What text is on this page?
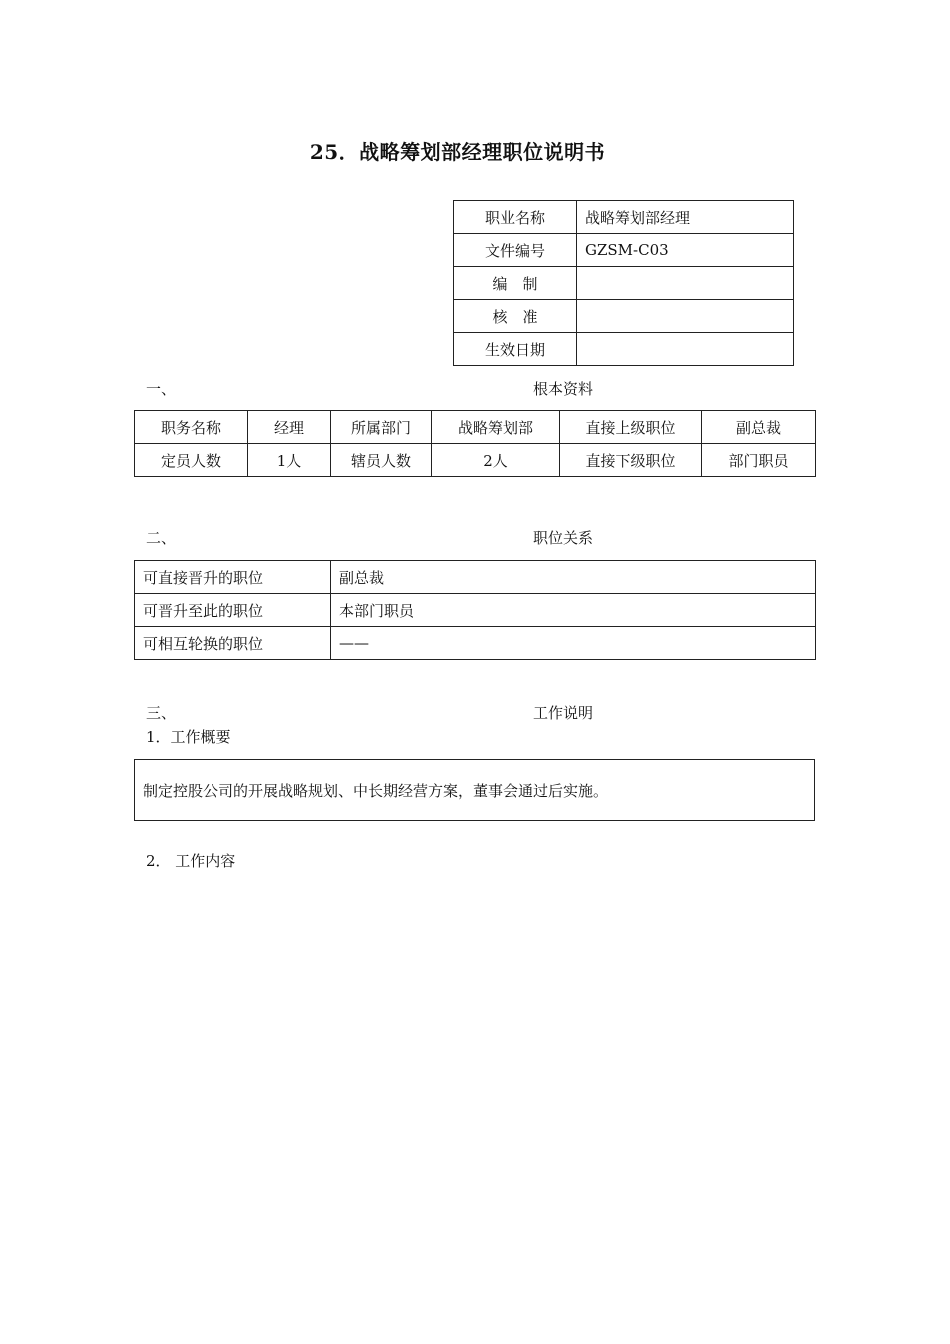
25．战略筹划部经理职位说明书
职业名称	战略筹划部经理
文件编号	GZSM-C03
编　制	
核　准	
生效日期	
一、	根本资料
职务名称	经理	所属部门	战略筹划部	直接上级职位	副总裁
定员人数	1人	辖员人数	2人	直接下级职位	部门职员
二、	职位关系
可直接晋升的职位	副总裁
可晋升至此的职位	本部门职员
可相互轮换的职位	——
三、	工作说明
1．工作概要
制定控股公司的开展战略规划、中长期经营方案，董事会通过后实施。
2． 工作内容
